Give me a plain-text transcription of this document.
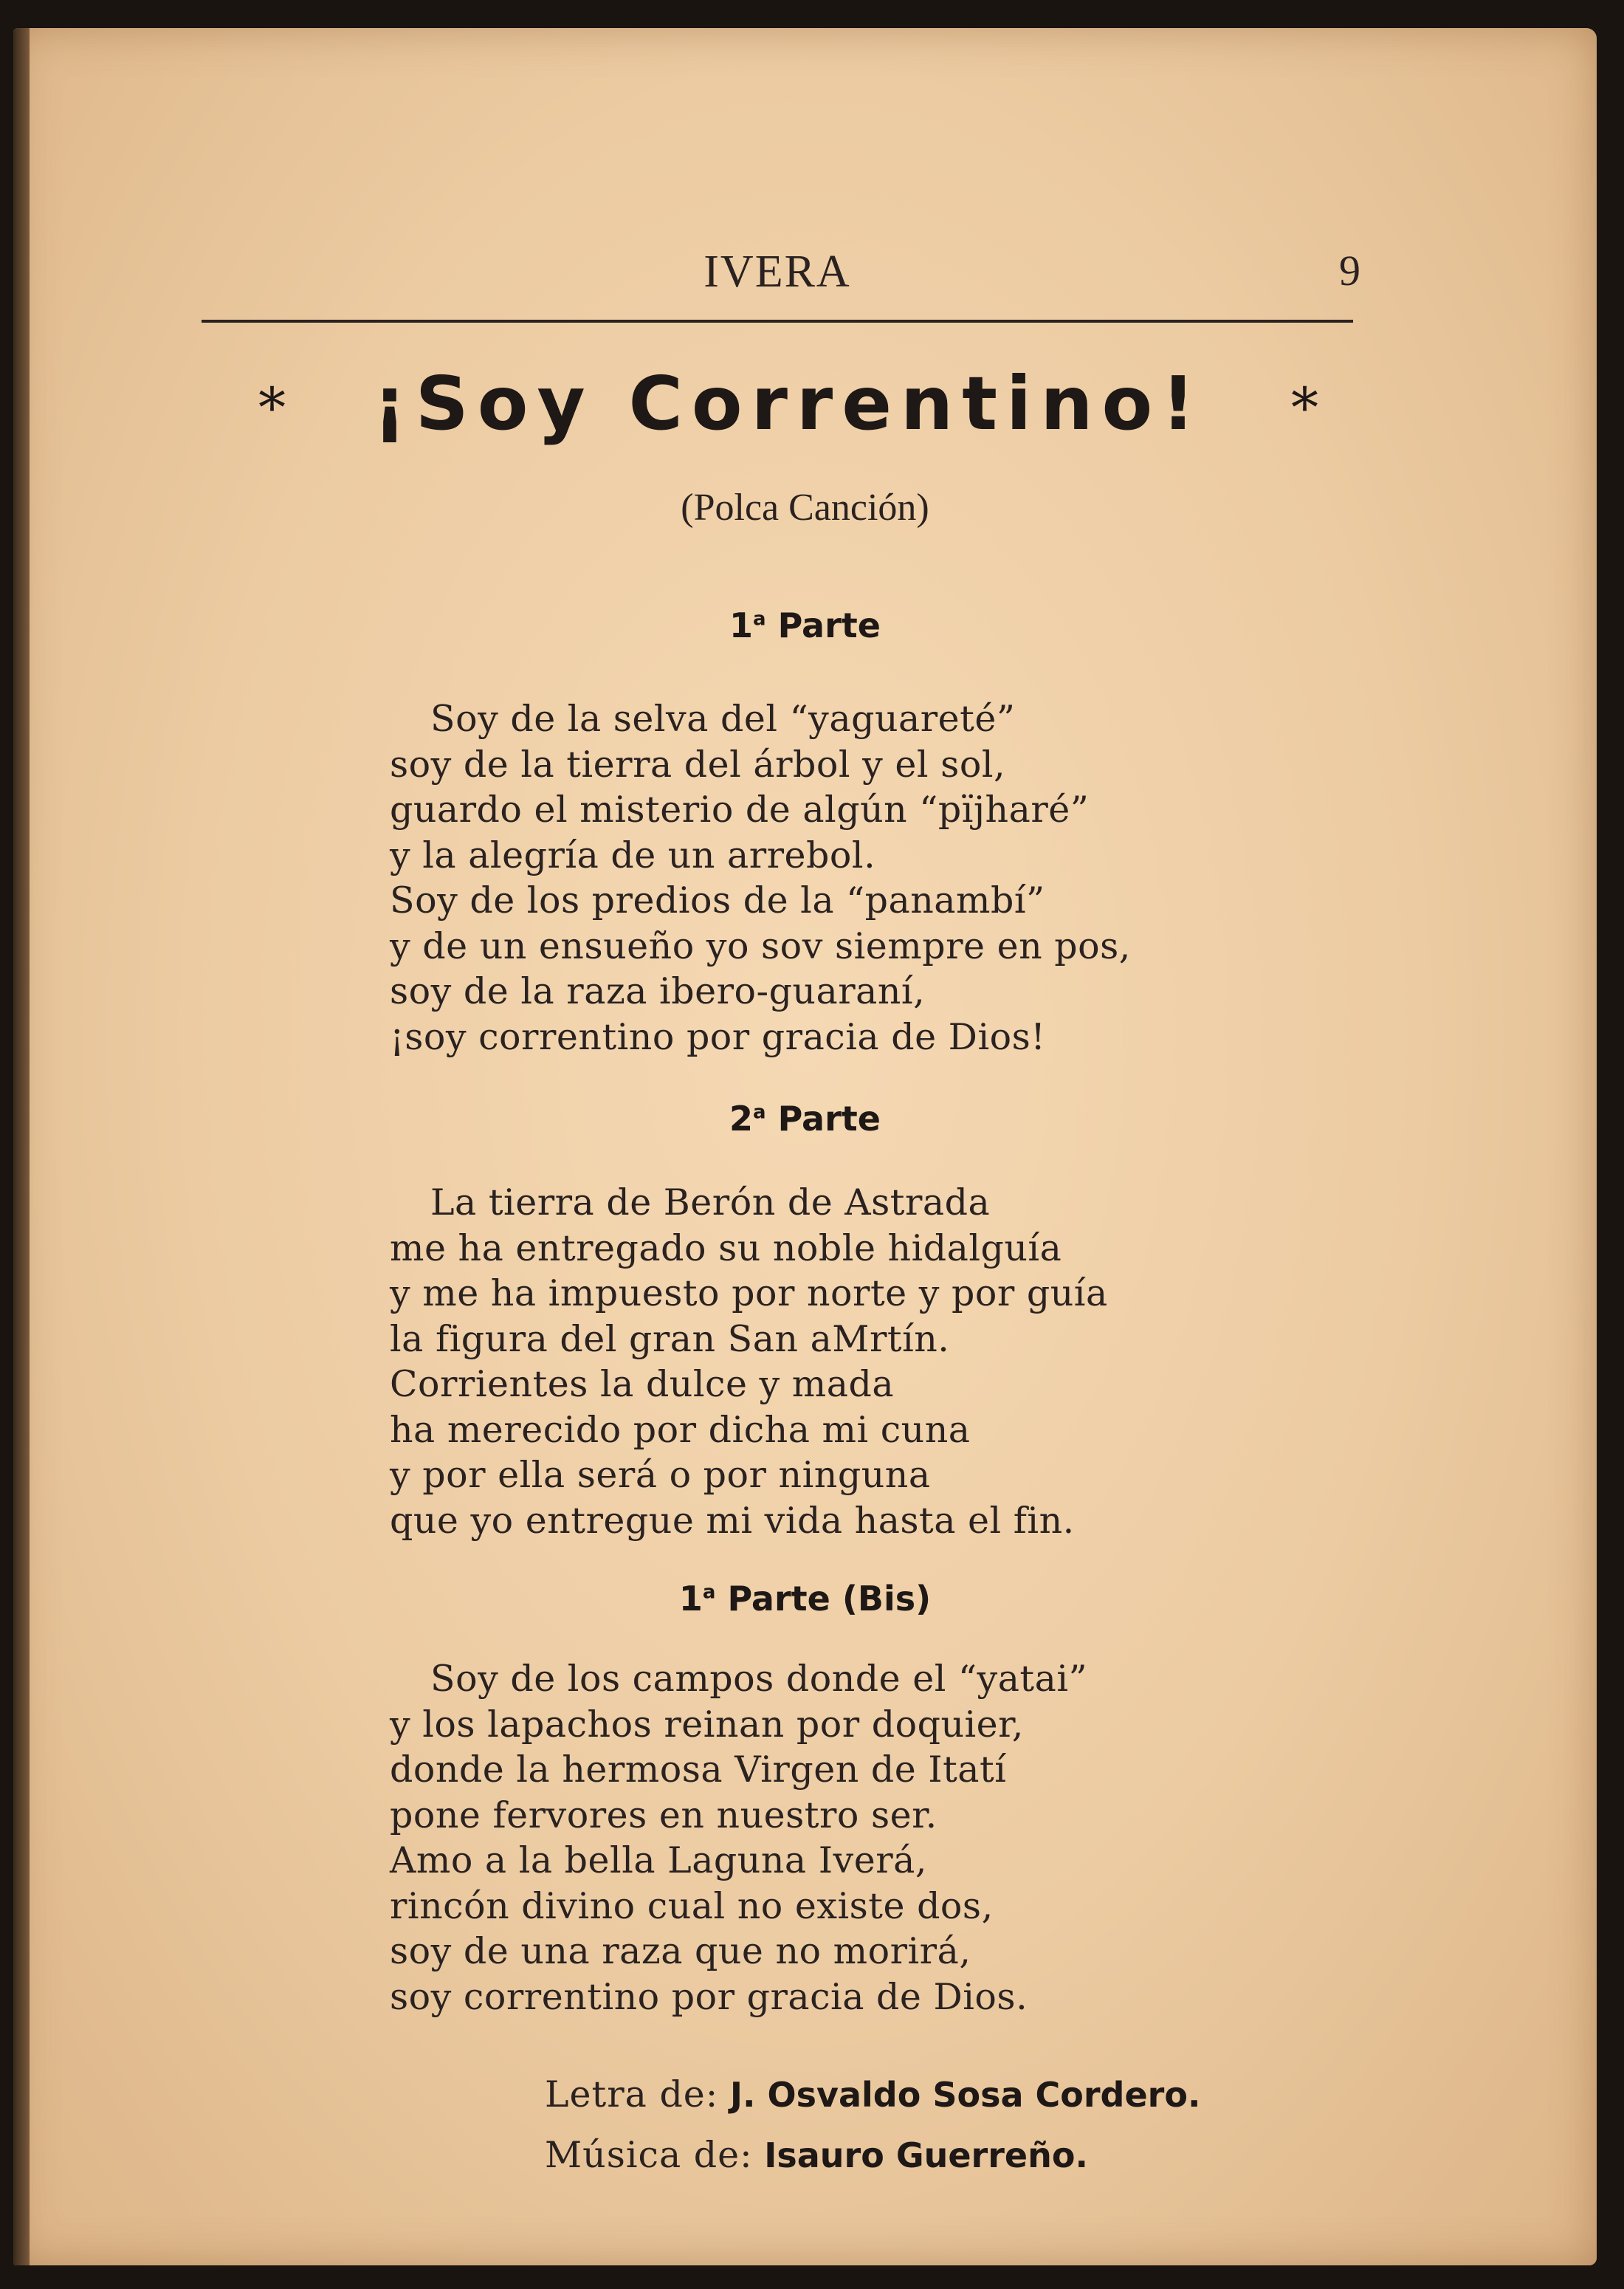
IVERA	9
*	¡Soy Correntino!	*
(Polca Canción)
1$^a$ Parte
Soy de la selva del “yaguareté”
soy de la tierra del árbol y el sol,
guardo el misterio de algún “pïjharé”
y la alegría de un arrebol.
Soy de los predios de la “panambí”
y de un ensueño yo sov siempre en pos,
soy de la raza ibero-guaraní,
¡soy correntino por gracia de Dios!
2$^a$ Parte
La tierra de Berón de Astrada
me ha entregado su noble hidalguía
y me ha impuesto por norte y por guía
la figura del gran San aMrtín.
Corrientes la dulce y mada
ha merecido por dicha mi cuna
y por ella será o por ninguna
que yo entregue mi vida hasta el fin.
1$^a$ Parte (Bis)
Soy de los campos donde el “yatai”
y los lapachos reinan por doquier,
donde la hermosa Virgen de Itatí
pone fervores en nuestro ser.
Amo a la bella Laguna Iverá,
rincón divino cual no existe dos,
soy de una raza que no morirá,
soy correntino por gracia de Dios.
Letra de: J. Osvaldo Sosa Cordero.
Música de: Isauro Guerreño.
